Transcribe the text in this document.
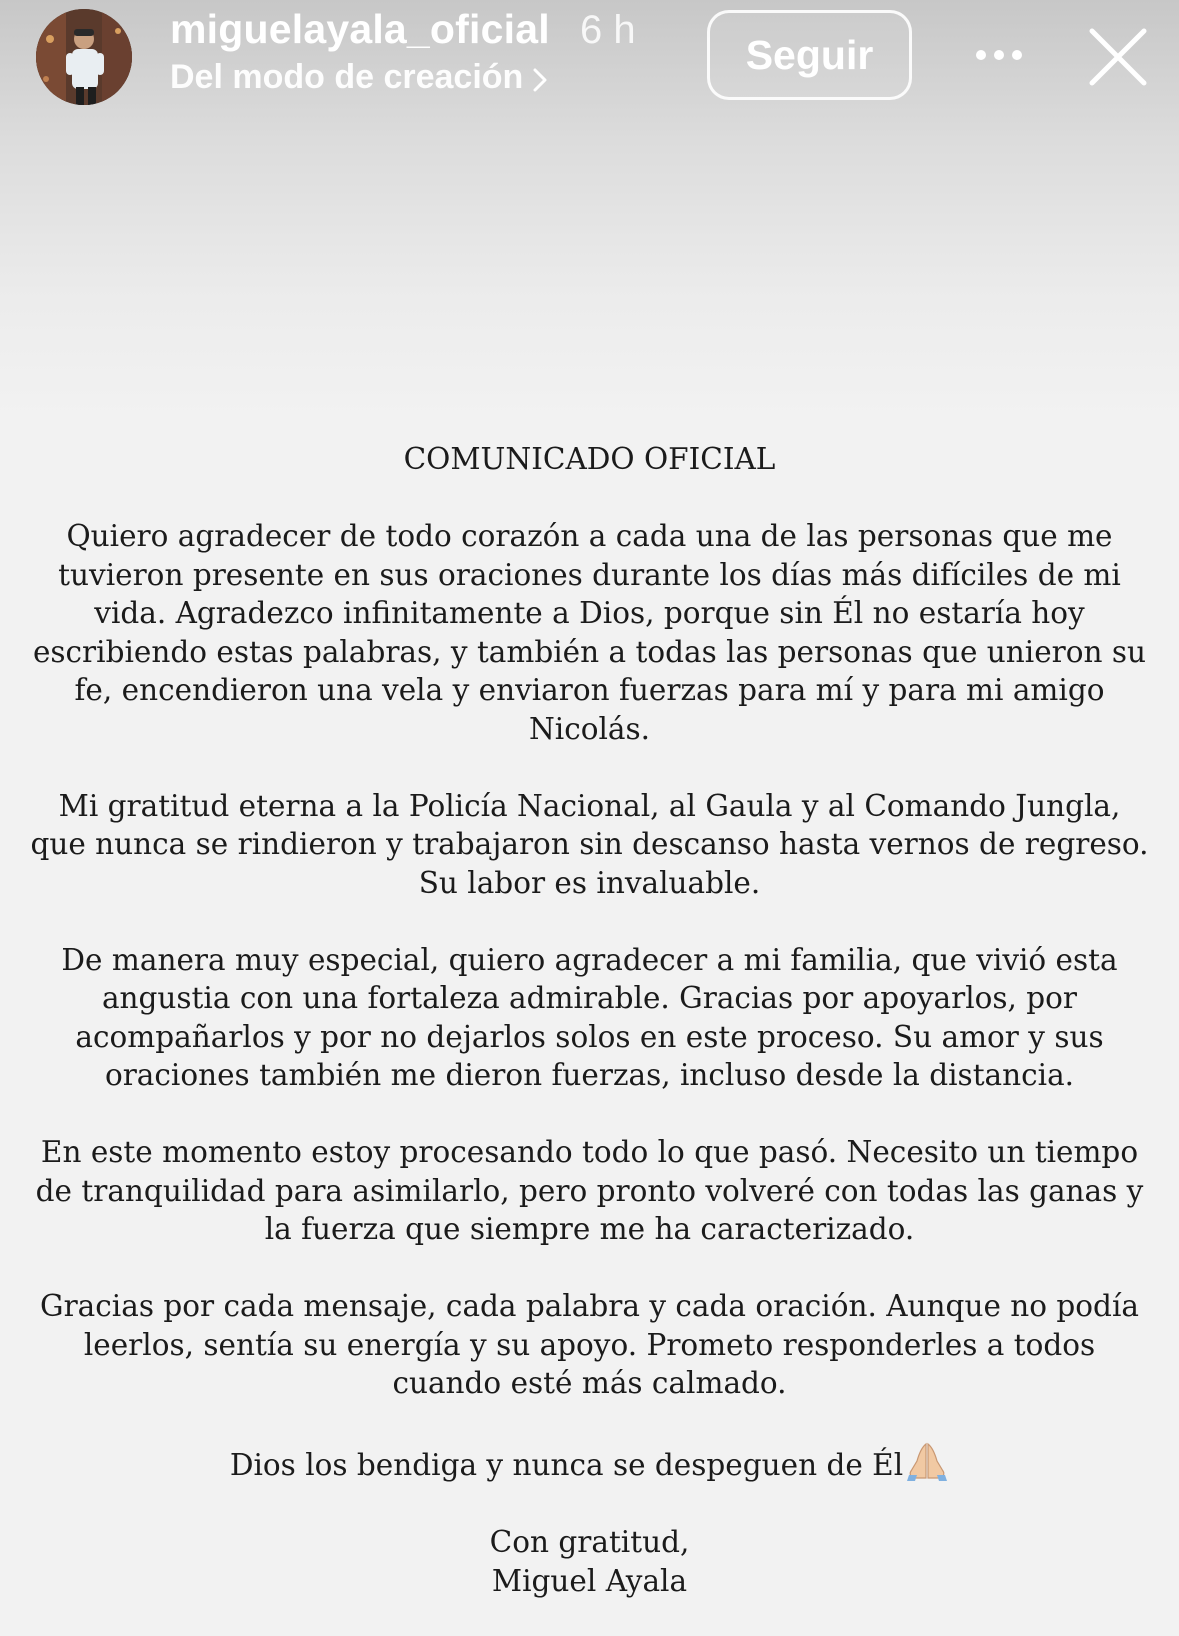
miguelayala_oficial 6 h
Del modo de creación	Seguir

COMUNICADO OFICIAL

Quiero agradecer de todo corazón a cada una de las personas que me tuvieron presente en sus oraciones durante los días más difíciles de mi vida. Agradezco infinitamente a Dios, porque sin Él no estaría hoy escribiendo estas palabras, y también a todas las personas que unieron su fe, encendieron una vela y enviaron fuerzas para mí y para mi amigo Nicolás.

Mi gratitud eterna a la Policía Nacional, al Gaula y al Comando Jungla, que nunca se rindieron y trabajaron sin descanso hasta vernos de regreso. Su labor es invaluable.

De manera muy especial, quiero agradecer a mi familia, que vivió esta angustia con una fortaleza admirable. Gracias por apoyarlos, por acompañarlos y por no dejarlos solos en este proceso. Su amor y sus oraciones también me dieron fuerzas, incluso desde la distancia.

En este momento estoy procesando todo lo que pasó. Necesito un tiempo de tranquilidad para asimilarlo, pero pronto volveré con todas las ganas y la fuerza que siempre me ha caracterizado.

Gracias por cada mensaje, cada palabra y cada oración. Aunque no podía leerlos, sentía su energía y su apoyo. Prometo responderles a todos cuando esté más calmado.

Dios los bendiga y nunca se despeguen de Él

Con gratitud,

Miguel Ayala
